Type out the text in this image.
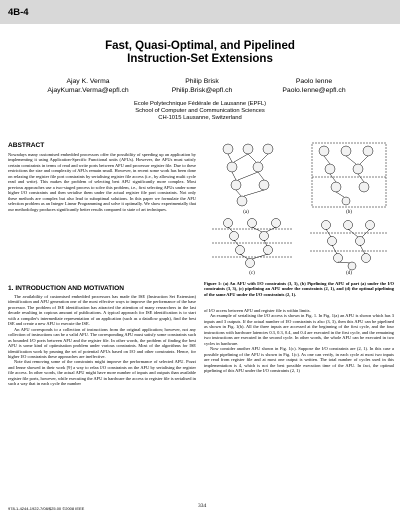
4B-4
Fast, Quasi-Optimal, and Pipelined
Instruction-Set Extensions
Ajay K. Verma
AjayKumar.Verma@epfl.ch
Philip Brisk
Philip.Brisk@epfl.ch
Paolo Ienne
Paolo.Ienne@epfl.ch
Ecole Polytechnique Fédérale de Lausanne (EPFL)
School of Computer and Communication Sciences
CH-1015 Lausanne, Switzerland
ABSTRACT

Nowadays many customised embedded processors offer the possibility of speeding up an application by implementing it using Application-Specific Functional units (AFUs). However, the AFUs must satisfy certain constraints in terms of read and write ports between AFU and processor register file. Due to these restrictions the size and complexity of AFUs remain small. However, in recent some work has been done on relaxing the register file port constraints by serialising register file access (i.e., by allowing multi cycle read and write). This makes the problem of selecting best AFU significantly more complex. Most previous approaches use a two-staged process to solve this problem, i.e., first selecting AFUs under some higher I/O constraints and then serialise them under the actual register file port constraints. Not only these methods are complex but also lead to suboptimal solutions. In this paper we formulate the AFU selection problem as an Integer Linear Programming and solve it optimally. We show experimentally that our methodology produces significantly better results compared to state of art techniques.

1. INTRODUCTION AND MOTIVATION

The availability of customised embedded processors has made the ISE (Instruction Set Extension) identification and AFU generation one of the most effective ways to improve the performance of the base processor. The problem of ISE identification has attracted the attention of many researchers in the last decade resulting in copious amount of publications. A typical approach for ISE identification is to start with a compiler's intermediate representation of an application (such as a dataflow graph), find the best ISE and create a new AFU to execute the ISE.

An AFU corresponds to a collection of instructions from the original application; however, not any collection of instructions can be a valid AFU. The corresponding AFU must satisfy some constraints such as bounded I/O ports between AFU and the register file. In other words, the problem of finding the best AFU is some kind of optimisation problem under various constraints. Most of the algorithms for ISE identification work by pruning the set of potential AFUs based on I/O and other constraints. Hence, for higher I/O constraints these approaches are ineffective.

Note that removing some of the constraints might improve the performance of selected AFU. Pozzi and Ienne showed in their work [9] a way to relax I/O constraints on the AFU by serialising the register file access. In other words, the actual AFU might have more number of inputs and outputs than available register file ports, however, while executing the AFU in hardware the access to register file is serialised in such a way that in each cycle the number

(a)	(b)
(c)	(d)
Figure 1: (a) An AFU with I/O constraints (3, 3), (b) Pipelining the AFU of part (a) under the I/O constraints (3, 3), (c) pipelining an AFU under the constraints (2, 1), and (d) the optimal pipelining of the same AFU under the I/O constraints (2, 1).

of I/O access between AFU and register file is within limits.

An example of serialising the I/O access is shown in Fig. 1. In Fig. 1(a) an AFU is shown which has 3 inputs and 3 outputs. If the actual number of I/O constraints is also (3, 3), then this AFU can be pipelined as shown in Fig. 1(b). All the three inputs are accessed at the beginning of the first cycle, and the four instructions with hardware latencies 0.3, 0.3, 0.4, and 0.4 are executed in the first cycle, and the remaining two instructions are executed in the second cycle. In other words, the whole AFU can be executed in two cycles in hardware.

Now consider another AFU shown in Fig. 1(c). Suppose the I/O constraints are (2, 1). In this case a possible pipelining of the AFU is shown in Fig. 1(c). As one can verify, in each cycle at most two inputs are read from register file and at most one output is written. The total number of cycles used in this implementation is 4, which is not the best possible execution time of the AFU. In fact, the optimal pipelining of this AFU under the I/O constraints (2, 1)

978-1-4244-1922-7/08/$25.00 ©2008 IEEE	334
